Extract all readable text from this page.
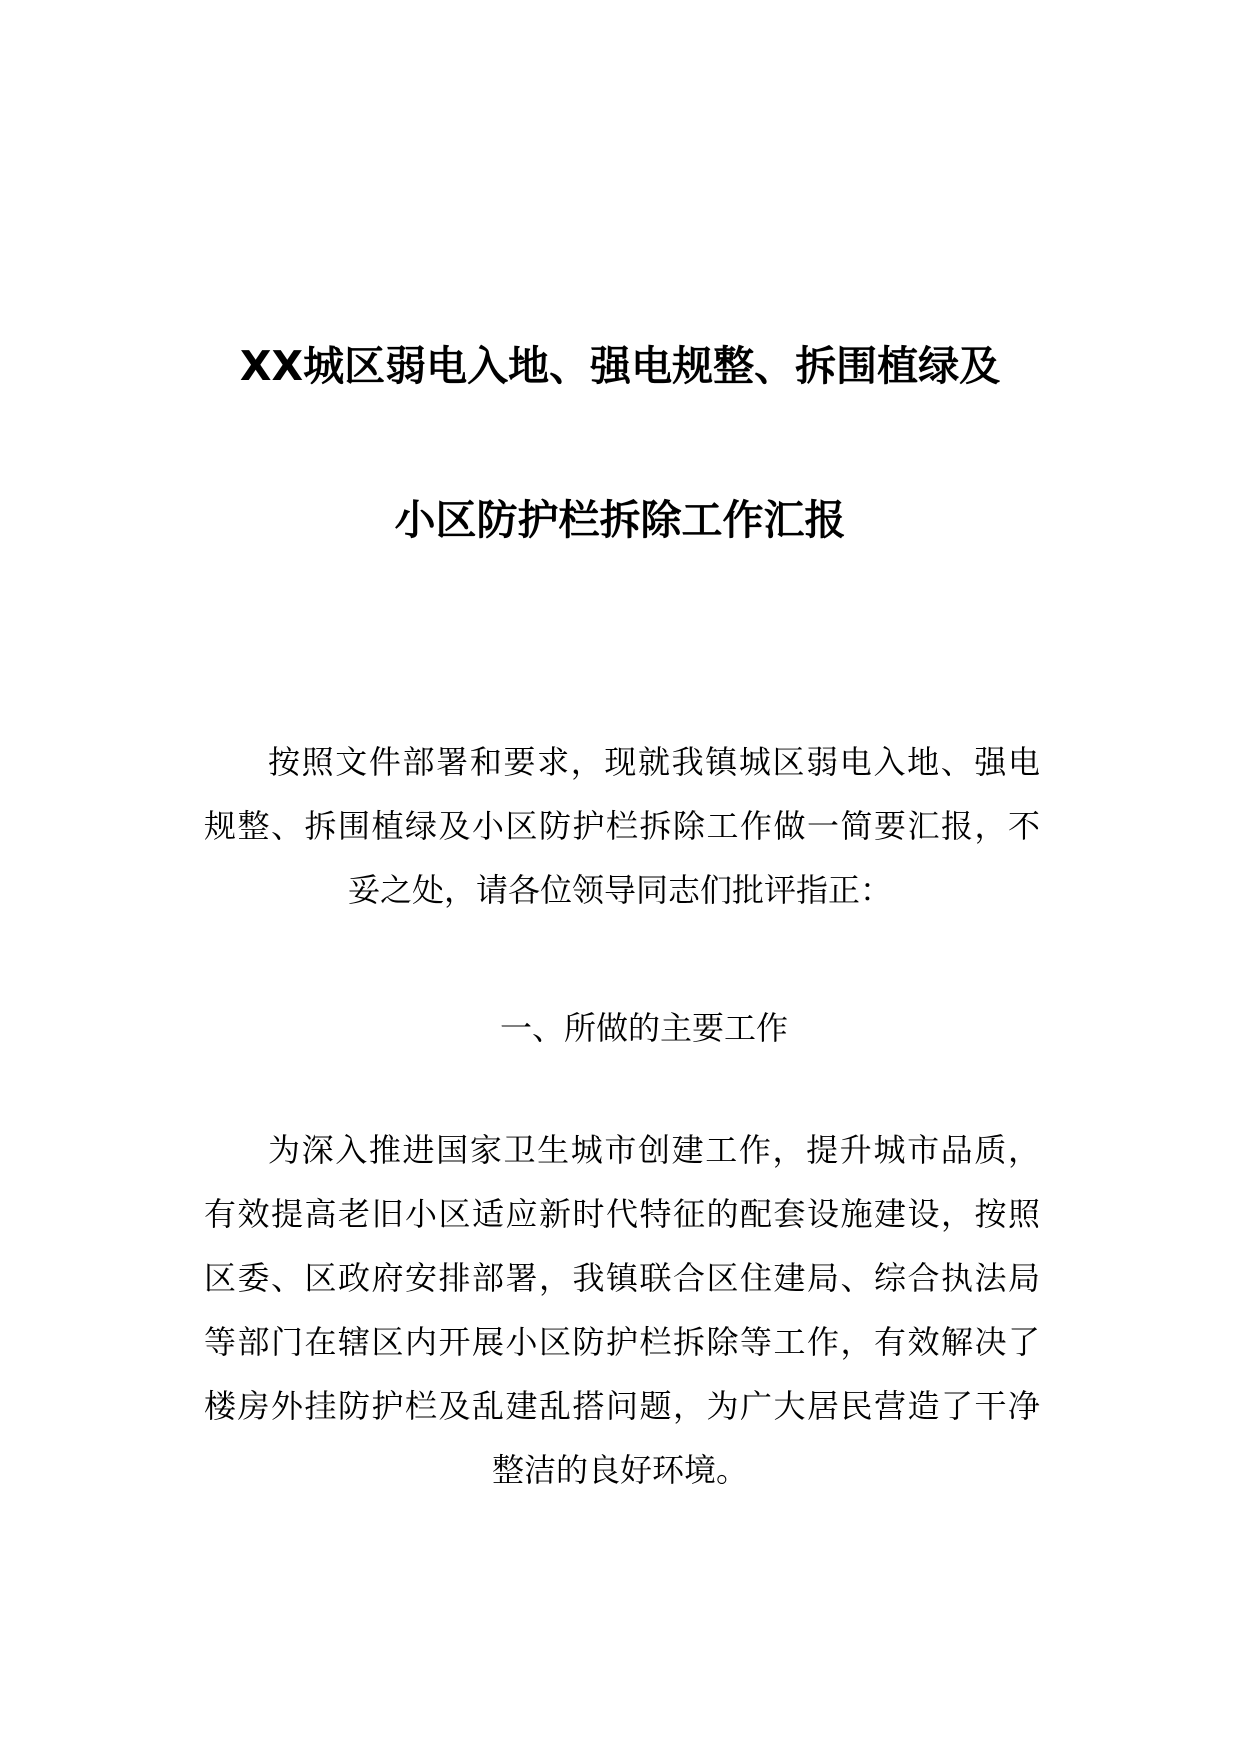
XX城区弱电入地、强电规整、拆围植绿及
小区防护栏拆除工作汇报
按照文件部署和要求，现就我镇城区弱电入地、强电
规整、拆围植绿及小区防护栏拆除工作做一简要汇报，不
妥之处，请各位领导同志们批评指正：
一、所做的主要工作
为深入推进国家卫生城市创建工作，提升城市品质，
有效提高老旧小区适应新时代特征的配套设施建设，按照
区委、区政府安排部署，我镇联合区住建局、综合执法局
等部门在辖区内开展小区防护栏拆除等工作，有效解决了
楼房外挂防护栏及乱建乱搭问题，为广大居民营造了干净
整洁的良好环境。
